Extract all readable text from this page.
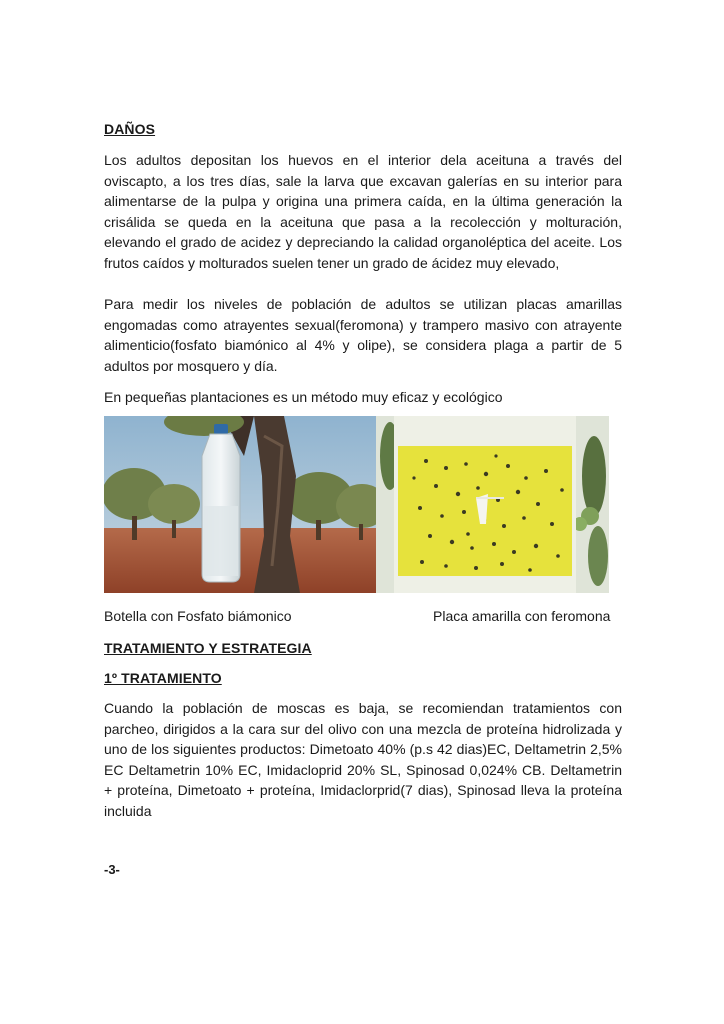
DAÑOS

Los adultos depositan los huevos en el interior dela aceituna a través del oviscapto, a los tres días, sale la larva que excavan galerías en su interior para alimentarse de la pulpa y origina una primera caída, en la última generación la crisálida se queda en la aceituna que pasa a la recolección y molturación, elevando el grado de acidez y depreciando la calidad organoléptica del aceite. Los frutos caídos y molturados suelen tener un grado de ácidez muy elevado,

Para medir los niveles de población de adultos se utilizan placas amarillas engomadas como atrayentes sexual(feromona) y trampero masivo con atrayente alimenticio(fosfato biamónico al 4% y olipe), se considera plaga a partir de 5 adultos por mosquero y día.

En pequeñas plantaciones es un método muy eficaz y ecológico

Botella con Fosfato biámonico	Placa amarilla con feromona

TRATAMIENTO Y ESTRATEGIA

1º TRATAMIENTO

Cuando la población de moscas es baja, se recomiendan tratamientos con parcheo, dirigidos a la cara sur del olivo con una mezcla de proteína hidrolizada y uno de los siguientes productos: Dimetoato 40% (p.s 42 dias)EC, Deltametrin 2,5% EC Deltametrin 10% EC, Imidacloprid 20% SL, Spinosad 0,024% CB. Deltametrin + proteína, Dimetoato + proteína, Imidaclorprid(7 dias), Spinosad lleva la proteína incluida

-3-
